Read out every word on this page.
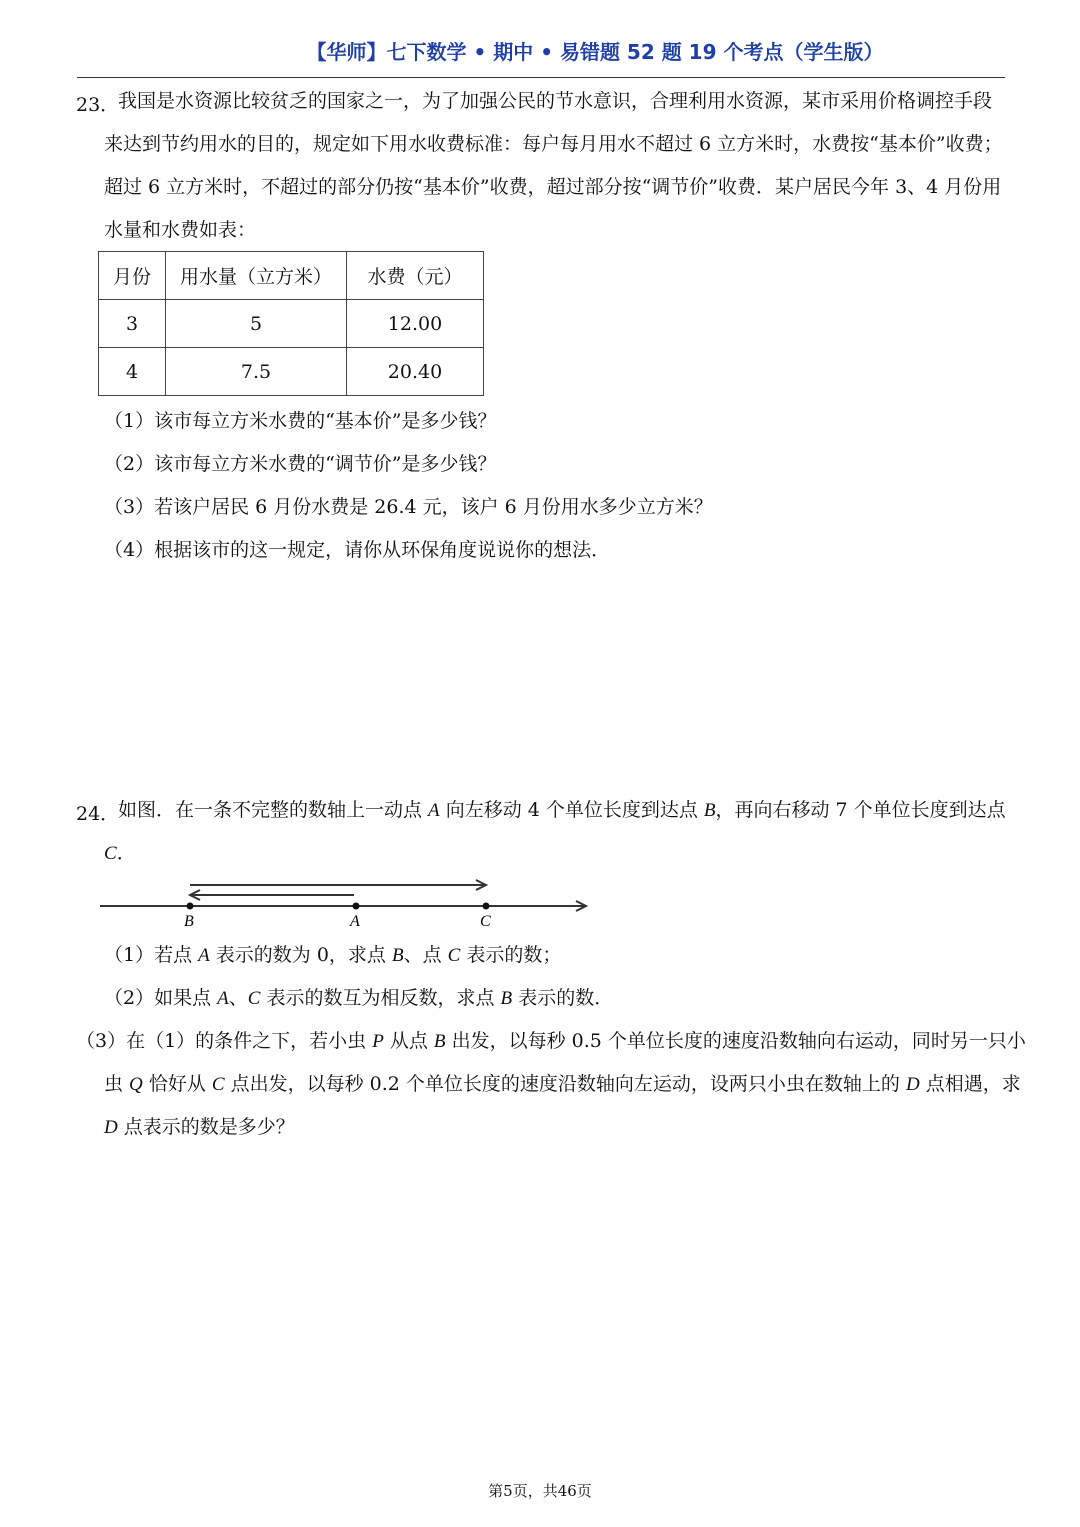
【华师】七下数学 • 期中 • 易错题 52 题 19 个考点（学生版）
23．
我国是水资源比较贫乏的国家之一，为了加强公民的节水意识，合理利用水资源，某市采用价格调控手段来达到节约用水的目的，规定如下用水收费标准：每户每月用水不超过 6 立方米时，水费按“基本价”收费；超过 6 立方米时，不超过的部分仍按“基本价”收费，超过部分按“调节价”收费．某户居民今年 3、4 月份用水量和水费如表：
月份	用水量（立方米）	水费（元）
3	5	12.00
4	7.5	20.40
（1）该市每立方米水费的“基本价”是多少钱？
（2）该市每立方米水费的“调节价”是多少钱？
（3）若该户居民 6 月份水费是 26.4 元，该户 6 月份用水多少立方米？
（4）根据该市的这一规定，请你从环保角度说说你的想法．
24．
如图．在一条不完整的数轴上一动点 A 向左移动 4 个单位长度到达点 B，再向右移动 7 个单位长度到达点 C．
B	A	C
（1）若点 A 表示的数为 0，求点 B、点 C 表示的数；
（2）如果点 A、C 表示的数互为相反数，求点 B 表示的数．
（3）在（1）的条件之下，若小虫 P 从点 B 出发，以每秒 0.5 个单位长度的速度沿数轴向右运动，同时另一只小虫 Q 恰好从 C 点出发，以每秒 0.2 个单位长度的速度沿数轴向左运动，设两只小虫在数轴上的 D 点相遇，求 D 点表示的数是多少？
第5页，共46页
